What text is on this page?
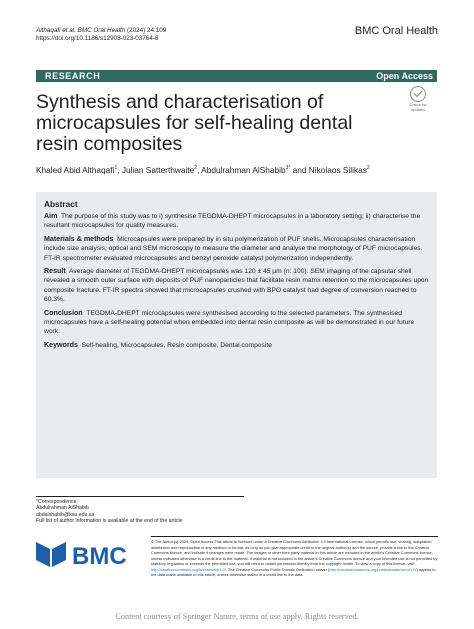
Althaqafi et al. BMC Oral Health (2024) 24:109
https://doi.org/10.1186/s12903-023-03764-8
BMC Oral Health
RESEARCH	Open Access
Synthesis and characterisation of microcapsules for self-healing dental resin composites
Check for updates
Khaled Abid Althaqafi$^1$, Julian Satterthwaite$^2$, Abdulrahman AlShabib$^{3*}$ and Nikolaos Silikas$^2$
Abstract

Aim The purpose of this study was to i) synthesise TEGDMA-DHEPT microcapsules in a laboratory setting; ii) characterise the resultant microcapsules for quality measures.

Materials & methods Microcapsules were prepared by in situ polymerization of PUF shells. Microcapsules characterisation include size analysis, optical and SEM microscopy to measure the diameter and analyse the morphology of PUF microcapsules. FT-IR spectrometer evaluated microcapsules and benzyl peroxide catalyst polymerization independently.

Result Average diameter of TEGDMA-DHEPT microcapsules was 120 ± 45 µm (n: 100). SEM imaging of the capsular shell revealed a smooth outer surface with deposits of PUF nanoparticles that facilitate resin matrix retention to the microcapsules upon composite fracture. FT-IR spectra showed that microcapsules crushed with BPO catalyst had degree of conversion reached to 60.3%.

Conclusion TEGDMA-DHEPT microcapsules were synthesised according to the selected parameters. The synthesised microcapsules have a self-healing potential when embedded into dental resin composite as will be demonstrated in our future work.

Keywords Self-healing, Microcapsules, Resin composite, Dental composite

*Correspondence:
Abdulrahman AlShabib
abdalshabib@ksu.edu.sa
Full list of author information is available at the end of the article
BMC
© The Author(s) 2024. Open Access This article is licensed under a Creative Commons Attribution 4.0 International License, which permits use, sharing, adaptation, distribution and reproduction in any medium or format, as long as you give appropriate credit to the original author(s) and the source, provide a link to the Creative Commons licence, and indicate if changes were made. The images or other third party material in this article are included in the article's Creative Commons licence, unless indicated otherwise in a credit line to the material. If material is not included in the article's Creative Commons licence and your intended use is not permitted by statutory regulation or exceeds the permitted use, you will need to obtain permission directly from the copyright holder. To view a copy of this licence, visit http://creativecommons.org/licenses/by/4.0/. The Creative Commons Public Domain Dedication waiver (http://creativecommons.org/publicdomain/zero/1.0/) applies to the data made available in this article, unless otherwise stated in a credit line to the data.
Content courtesy of Springer Nature, terms of use apply. Rights reserved.
